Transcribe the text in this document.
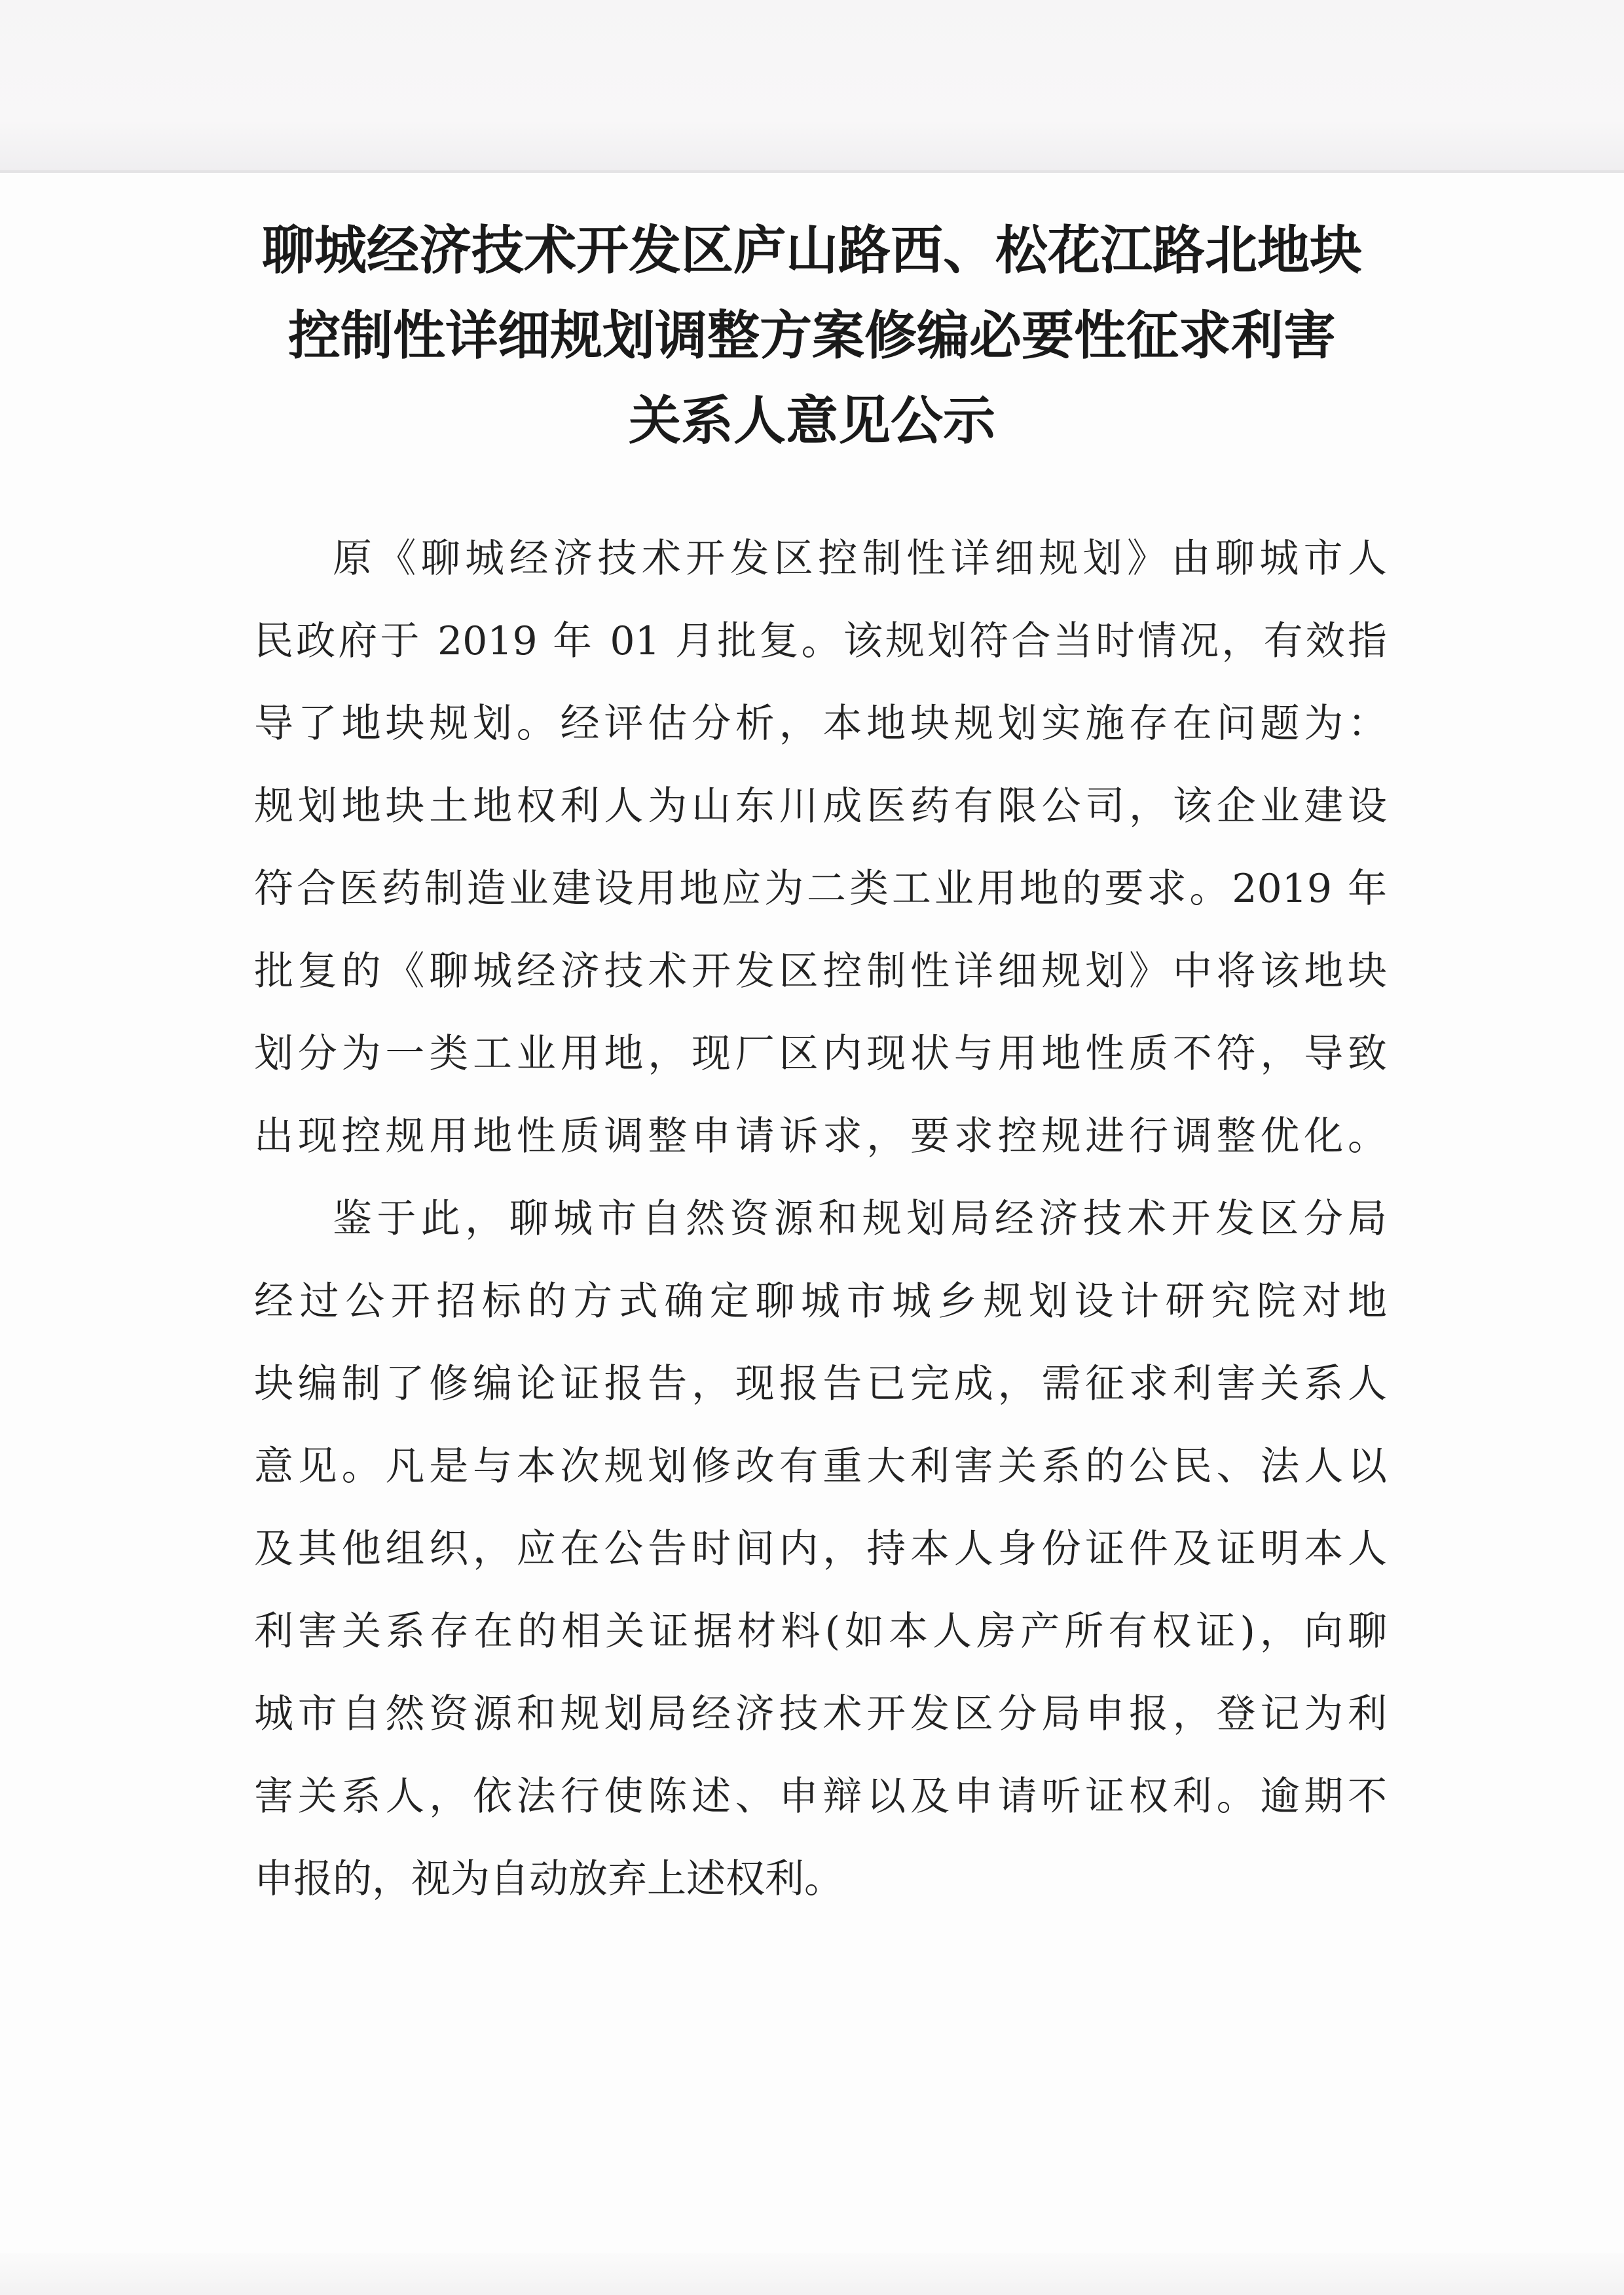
聊城经济技术开发区庐山路西、松花江路北地块
控制性详细规划调整方案修编必要性征求利害
关系人意见公示
原《聊城经济技术开发区控制性详细规划》由聊城市人
民政府于 2019 年 01 月批复。该规划符合当时情况，有效指
导了地块规划。经评估分析，本地块规划实施存在问题为：
规划地块土地权利人为山东川成医药有限公司，该企业建设
符合医药制造业建设用地应为二类工业用地的要求。2019 年
批复的《聊城经济技术开发区控制性详细规划》中将该地块
划分为一类工业用地，现厂区内现状与用地性质不符，导致
出现控规用地性质调整申请诉求，要求控规进行调整优化。
鉴于此，聊城市自然资源和规划局经济技术开发区分局
经过公开招标的方式确定聊城市城乡规划设计研究院对地
块编制了修编论证报告，现报告已完成，需征求利害关系人
意见。凡是与本次规划修改有重大利害关系的公民、法人以
及其他组织，应在公告时间内，持本人身份证件及证明本人
利害关系存在的相关证据材料(如本人房产所有权证)，向聊
城市自然资源和规划局经济技术开发区分局申报，登记为利
害关系人，依法行使陈述、申辩以及申请听证权利。逾期不
申报的，视为自动放弃上述权利。
